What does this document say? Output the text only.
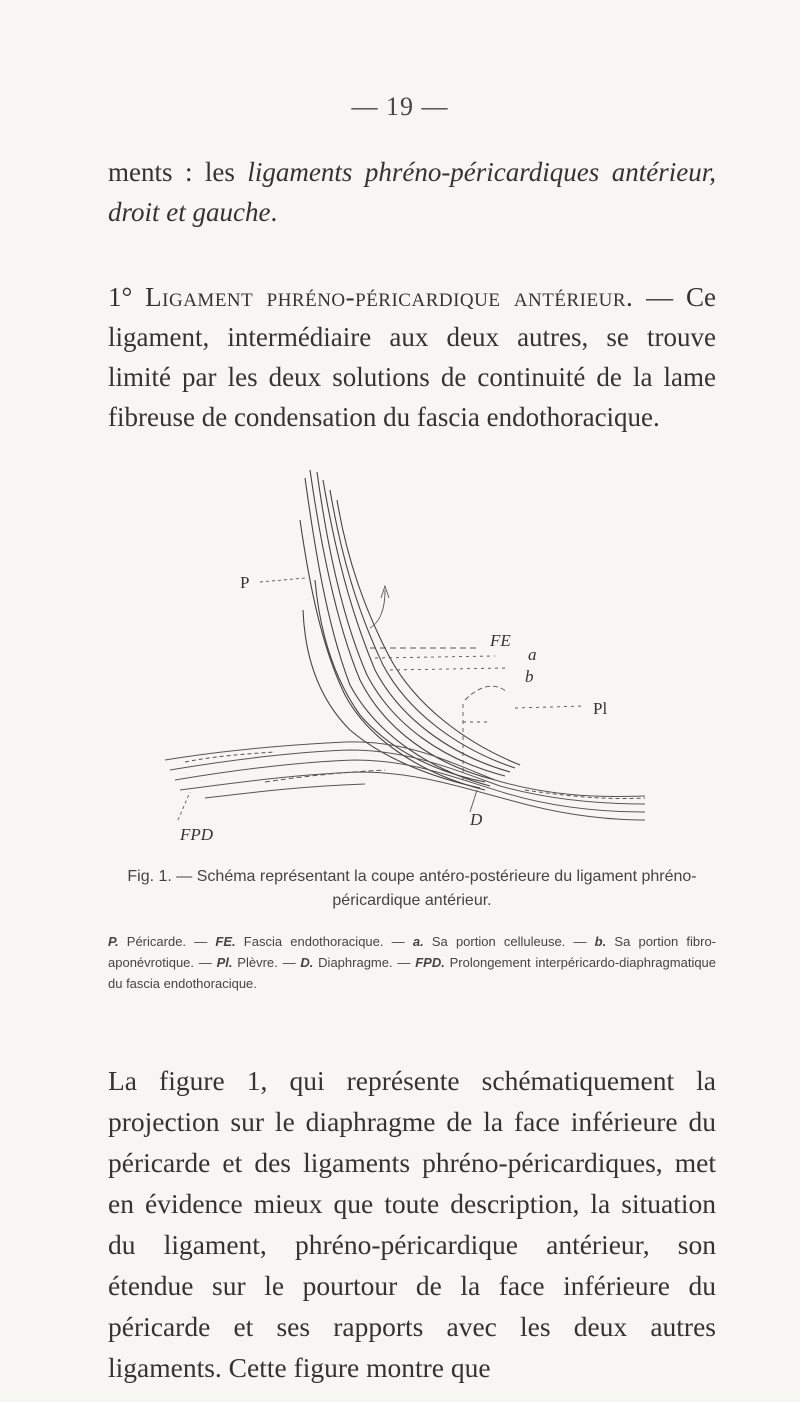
— 19 —

ments : les ligaments phréno-péricardiques antérieur, droit et gauche.

1° Ligament phréno-péricardique antérieur. — Ce ligament, intermédiaire aux deux autres, se trouve limité par les deux solutions de continuité de la lame fibreuse de condensation du fascia endothoracique.

P
FE
a
b
Pl
D
FPD
Fig. 1. — Schéma représentant la coupe antéro-postérieure du ligament phréno-péricardique antérieur.
P. Péricarde. — FE. Fascia endothoracique. — a. Sa portion celluleuse. — b. Sa portion fibro-aponévrotique. — Pl. Plèvre. — D. Diaphragme. — FPD. Prolongement interpéricardo-diaphragmatique du fascia endothoracique.

La figure 1, qui représente schématiquement la projection sur le diaphragme de la face inférieure du péricarde et des ligaments phréno-péricardiques, met en évidence mieux que toute description, la situation du ligament, phréno-péricardique antérieur, son étendue sur le pourtour de la face inférieure du péricarde et ses rapports avec les deux autres ligaments. Cette figure montre que
